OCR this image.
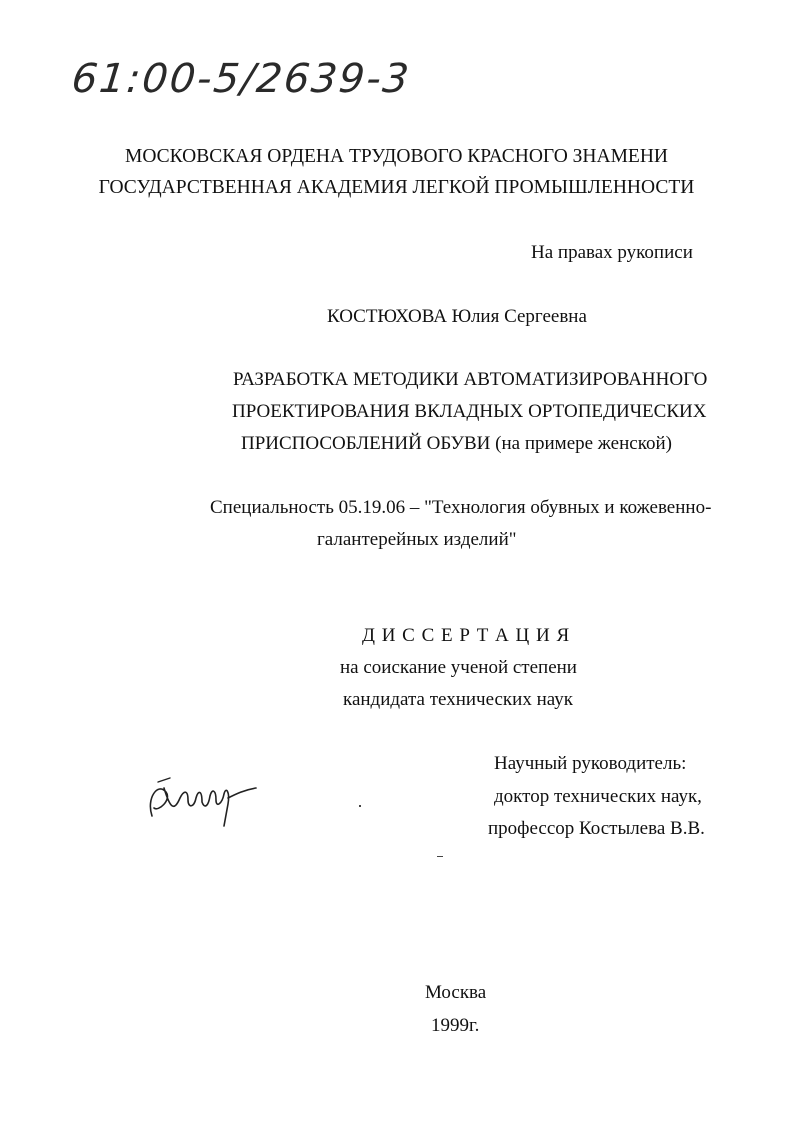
61:00-5/2639-3
МОСКОВСКАЯ ОРДЕНА ТРУДОВОГО КРАСНОГО ЗНАМЕНИ
ГОСУДАРСТВЕННАЯ АКАДЕМИЯ ЛЕГКОЙ ПРОМЫШЛЕННОСТИ
На правах рукописи
КОСТЮХОВА Юлия Сергеевна
РАЗРАБОТКА МЕТОДИКИ АВТОМАТИЗИРОВАННОГО
ПРОЕКТИРОВАНИЯ ВКЛАДНЫХ ОРТОПЕДИЧЕСКИХ
ПРИСПОСОБЛЕНИЙ ОБУВИ (на примере женской)
Специальность 05.19.06 – "Технология обувных и кожевенно-
галантерейных изделий"
Д И С С Е Р Т А Ц И Я
на соискание ученой степени
кандидата технических наук
Научный руководитель:
доктор технических наук,
профессор Костылева В.В.
Москва
1999г.
